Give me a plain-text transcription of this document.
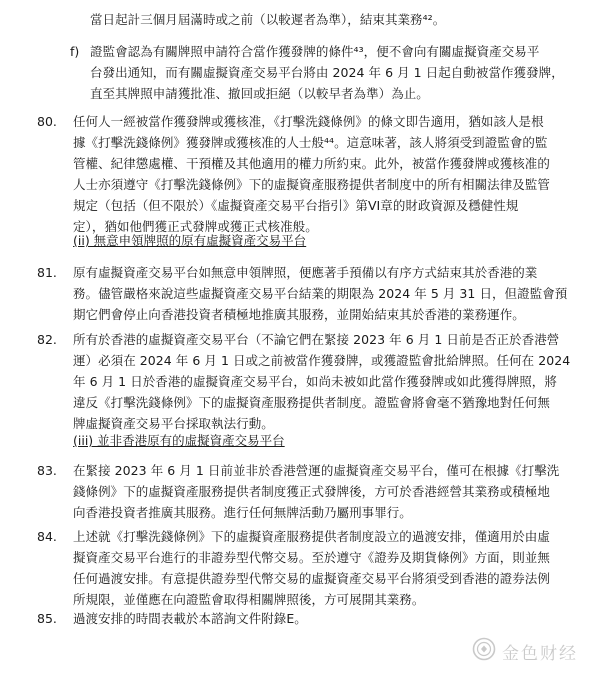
當日起計三個月屆滿時或之前（以較遲者為準），結束其業務⁴²。
f) 證監會認為有關牌照申請符合當作獲發牌的條件⁴³，便不會向有關虛擬資產交易平
台發出通知，而有關虛擬資產交易平台將由 2024 年 6 月 1 日起自動被當作獲發牌，
直至其牌照申請獲批准、撤回或拒絕（以較早者為準）為止。
80. 任何人一經被當作獲發牌或獲核准，《打擊洗錢條例》的條文即告適用，猶如該人是根
據《打擊洗錢條例》獲發牌或獲核准的人士般⁴⁴。這意味著，該人將須受到證監會的監
管權、紀律懲處權、干預權及其他適用的權力所約束。此外，被當作獲發牌或獲核准的
人士亦須遵守《打擊洗錢條例》下的虛擬資產服務提供者制度中的所有相關法律及監管
規定（包括（但不限於）《虛擬資產交易平台指引》第VI章的財政資源及穩健性規
定），猶如他們獲正式發牌或獲正式核准般。
(ii) 無意申領牌照的原有虛擬資產交易平台
81. 原有虛擬資產交易平台如無意申領牌照，便應著手預備以有序方式結束其於香港的業
務。儘管嚴格來說這些虛擬資產交易平台結業的期限為 2024 年 5 月 31 日，但證監會預
期它們會停止向香港投資者積極地推廣其服務，並開始結束其於香港的業務運作。
82. 所有於香港的虛擬資產交易平台（不論它們在緊接 2023 年 6 月 1 日前是否正於香港營
運）必須在 2024 年 6 月 1 日或之前被當作獲發牌，或獲證監會批給牌照。任何在 2024
年 6 月 1 日於香港的虛擬資產交易平台，如尚未被如此當作獲發牌或如此獲得牌照，將
違反《打擊洗錢條例》下的虛擬資產服務提供者制度。證監會將會毫不猶豫地對任何無
牌虛擬資產交易平台採取執法行動。
(iii) 並非香港原有的虛擬資產交易平台
83. 在緊接 2023 年 6 月 1 日前並非於香港營運的虛擬資產交易平台，僅可在根據《打擊洗
錢條例》下的虛擬資產服務提供者制度獲正式發牌後，方可於香港經營其業務或積極地
向香港投資者推廣其服務。進行任何無牌活動乃屬刑事罪行。
84. 上述就《打擊洗錢條例》下的虛擬資產服務提供者制度設立的過渡安排，僅適用於由虛
擬資產交易平台進行的非證券型代幣交易。至於遵守《證券及期貨條例》方面，則並無
任何過渡安排。有意提供證券型代幣交易的虛擬資產交易平台將須受到香港的證券法例
所規限，並僅應在向證監會取得相關牌照後，方可展開其業務。
85. 過渡安排的時間表載於本諮詢文件附錄E。
金色财经
